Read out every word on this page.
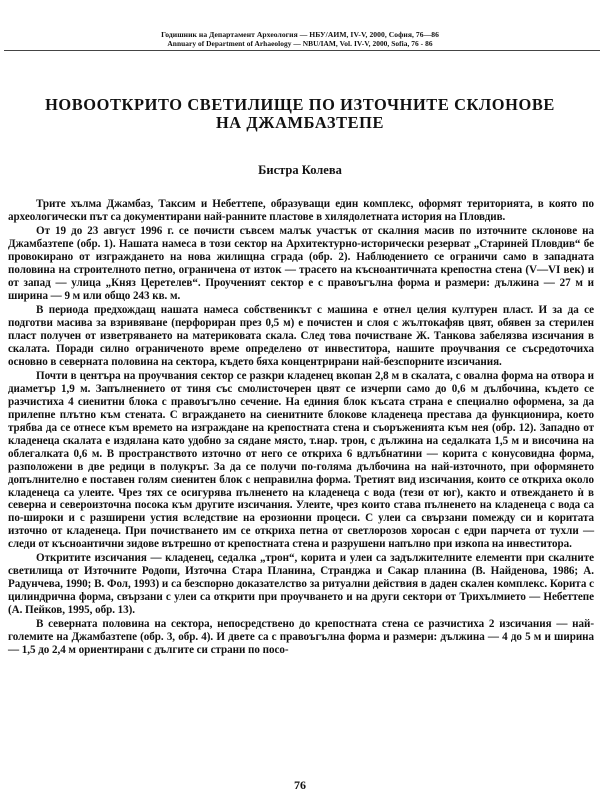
Годишник на Департамент Археология — НБУ/АИМ, IV-V, 2000, София, 76—86
Annuary of Department of Arhaeology — NBU/IAM, Vol. IV-V, 2000, Sofia, 76 - 86
НОВООТКРИТО СВЕТИЛИЩЕ ПО ИЗТОЧНИТЕ СКЛОНОВЕ
НА ДЖАМБАЗТЕПЕ
Бистра Колева

Трите хълма Джамбаз, Таксим и Небеттепе, образуващи един комплекс, оформят територията, в която по археологически път са документирани най-ранните пластове в хилядолетната история на Пловдив.

От 19 до 23 август 1996 г. се почисти съвсем малък участък от скалния масив по източните склонове на Джамбазтепе (обр. 1). Нашата намеса в този сектор на Архитектурно-исторически резерват „Стариней Пловдив“ бе провокирано от изграждането на нова жилищна сграда (обр. 2). Наблюдението се ограничи само в западната половина на строителното петно, ограничена от изток — трасето на късноантичната крепостна стена (V—VI век) и от запад — улица „Княз Церетелев“. Проученият сектор е с правоъгълна форма и размери: дължина — 27 м и ширина — 9 м или общо 243 кв. м.

В периода предхождащ нашата намеса собственикът с машина е отнел целия културен пласт. И за да се подготви масива за взривяване (перфориран през 0,5 м) е почистен и слоя с жълтокафяв цвят, обявен за стерилен пласт получен от изветряването на материковата скала. След това почистване Ж. Танкова забелязва изсичания в скалата. Поради силно ограниченото време определено от инвеститора, нашите проучвания се съсредоточиха основно в северната половина на сектора, където бяха концентрирани най-безспорните изсичания.

Почти в центъра на проучвания сектор се разкри кладенец вкопан 2,8 м в скалата, с овална форма на отвора и диаметър 1,9 м. Запълнението от тиня със смолисточерен цвят се изчерпи само до 0,6 м дълбочина, където се разчистиха 4 сиенитни блока с правоъгълно сечение. На единия блок късата страна е специално оформена, за да прилепне плътно към стената. С вграждането на сиенитните блокове кладенеца престава да функционира, което трябва да се отнесе към времето на изграждане на крепостната стена и съоръженията към нея (обр. 12). Западно от кладенеца скалата е издялана като удобно за сядане място, т.нар. трон, с дължина на седалката 1,5 м и височина на облегалката 0,6 м. В пространството източно от него се откриха 6 вдлъбнатини — корита с конусовидна форма, разположени в две редици в полукръг. За да се получи по-голяма дълбочина на най-източното, при оформянето допълнително е поставен голям сиенитен блок с неправилна форма. Третият вид изсичания, които се откриха около кладенеца са улеите. Чрез тях се осигурява пълненето на кладенеца с вода (тези от юг), както и отвеждането ѝ в северна и североизточна посока към другите изсичания. Улеите, чрез които става пълненето на кладенеца с вода са по-широки и с разширени устия вследствие на ерозионни процеси. С улеи са свързани помежду си и коритата източно от кладенеца. При почистването им се откриха петна от светлорозов хоросан с едри парчета от тухли — следи от късноантични зидове вътрешно от крепостната стена и разрушени напълно при изкопа на инвеститора.

Откритите изсичания — кладенец, седалка „трон“, корита и улеи са задължителните елементи при скалните светилища от Източните Родопи, Източна Стара Планина, Странджа и Сакар планина (В. Найденова, 1986; А. Радунчева, 1990; В. Фол, 1993) и са безспорно доказателство за ритуални действия в даден скален комплекс. Корита с цилиндрична форма, свързани с улеи са открити при проучването и на други сектори от Трихълмието — Небеттепе (А. Пейков, 1995, обр. 13).

В северната половина на сектора, непосредствено до крепостната стена се разчистиха 2 изсичания — най-големите на Джамбазтепе (обр. 3, обр. 4). И двете са с правоъгълна форма и размери: дължина — 4 до 5 м и ширина — 1,5 до 2,4 м ориентирани с дългите си страни по посо-

76
